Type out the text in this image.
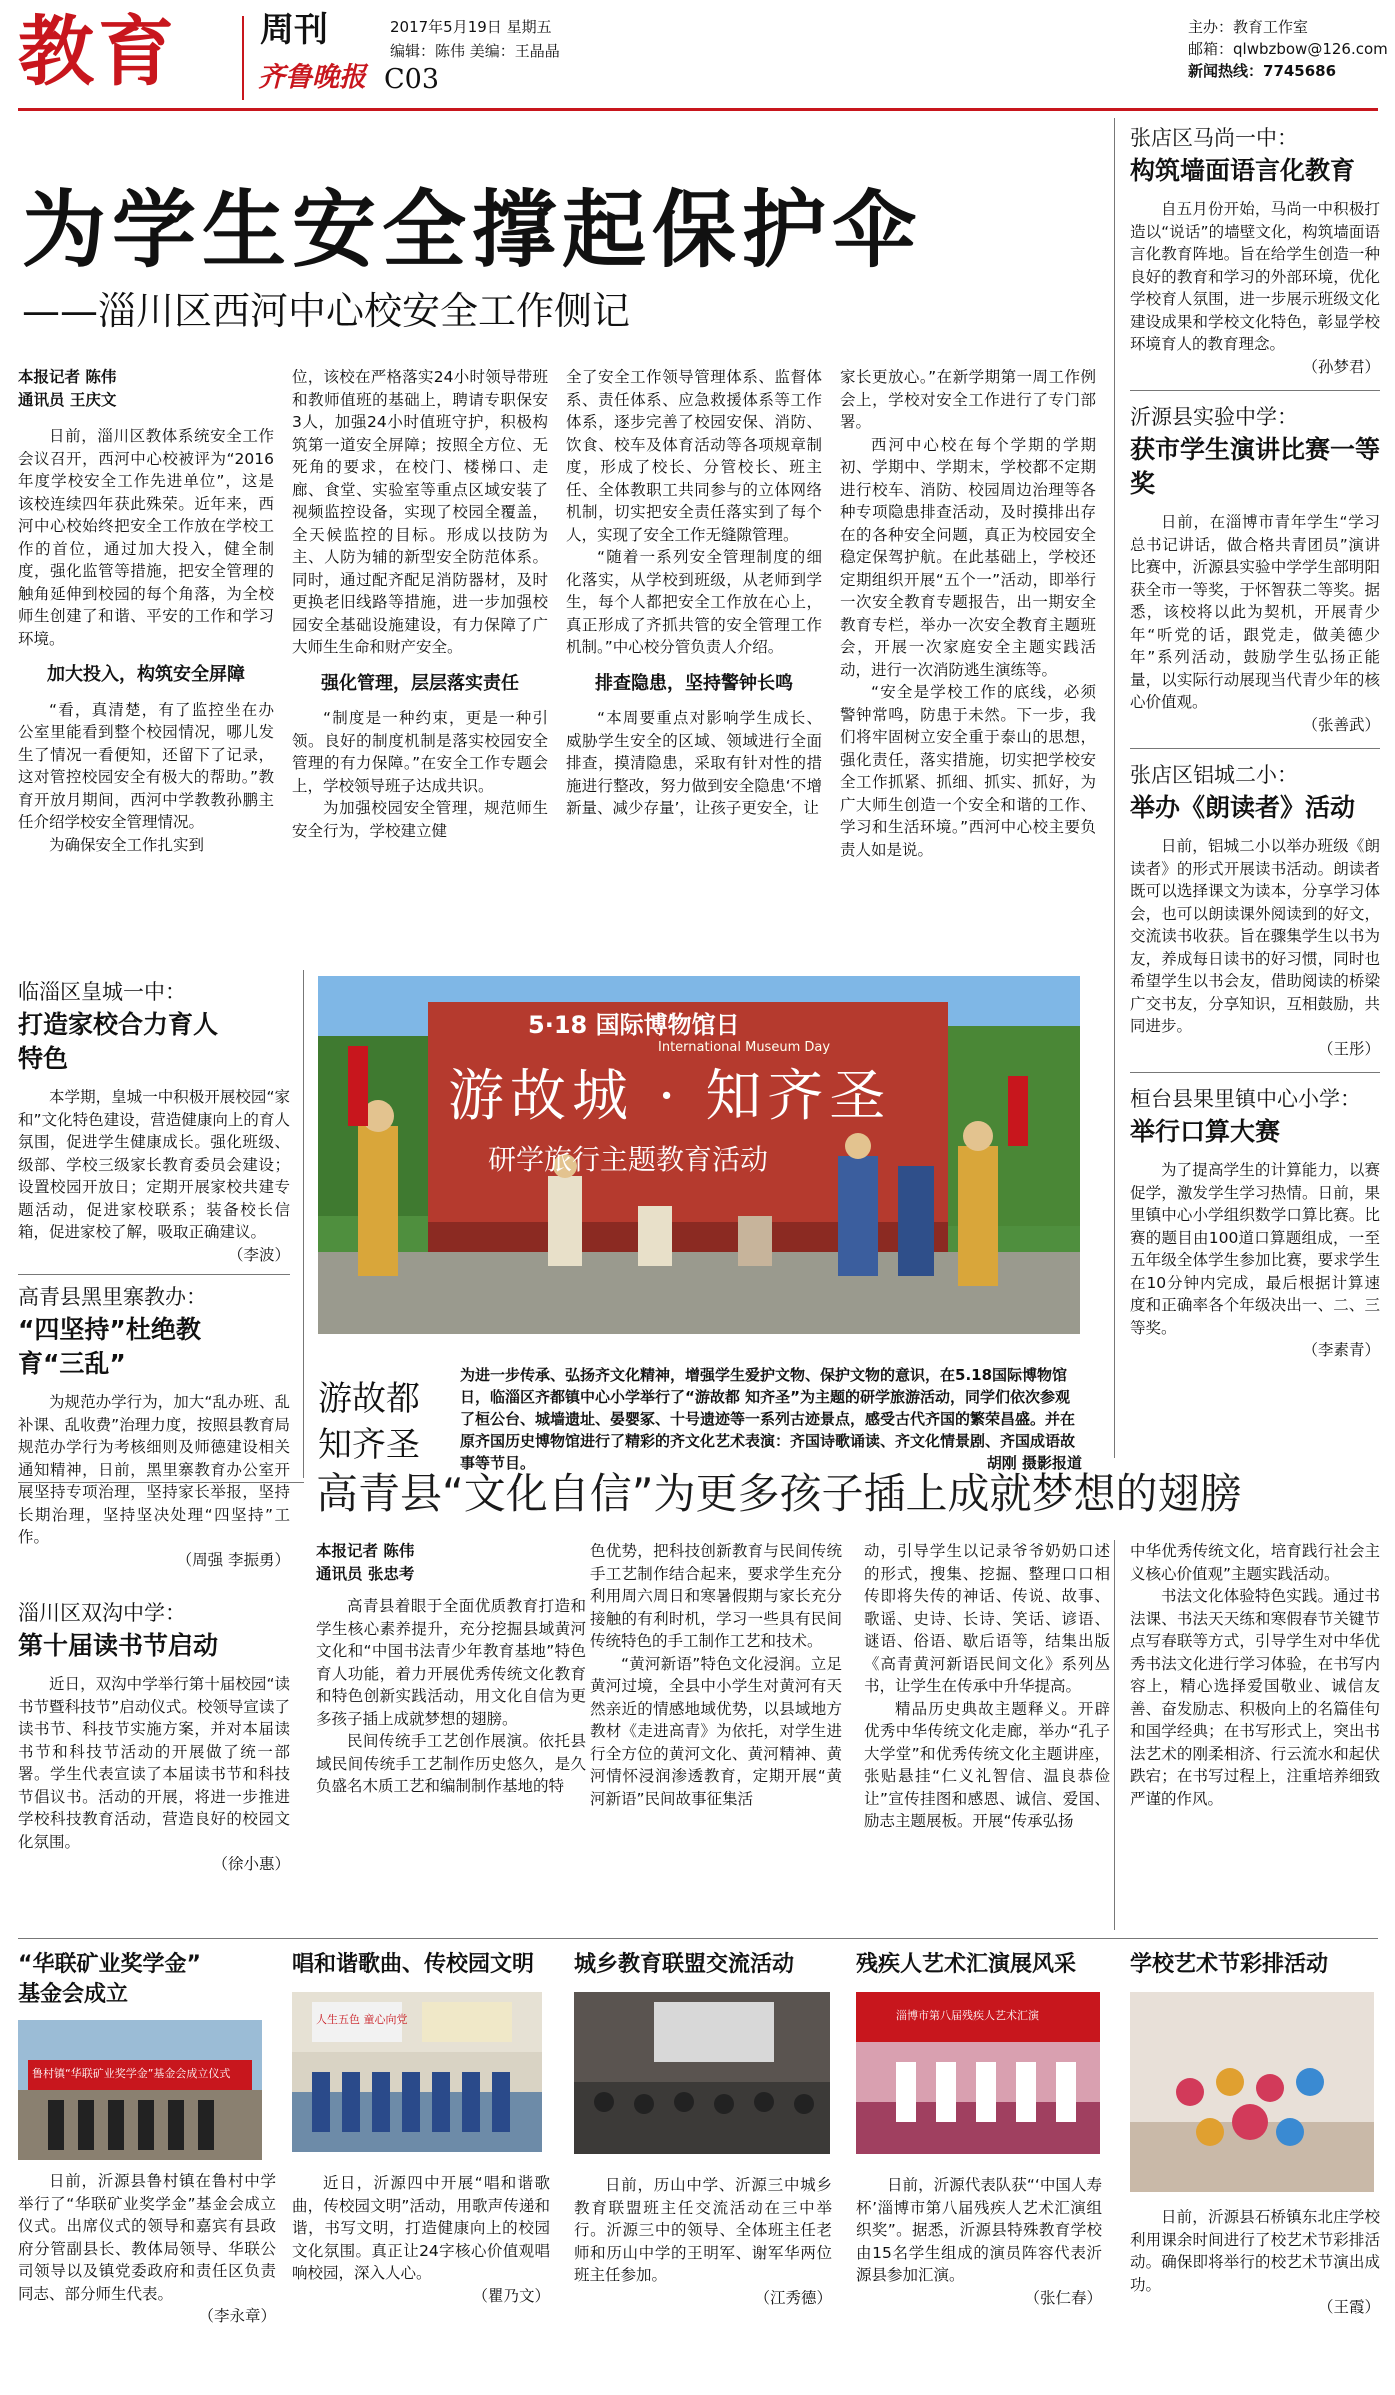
教育 周刊
齐鲁晚报 C03
2017年5月19日 星期五
编辑：陈伟 美编：王晶晶
主办：教育工作室
邮箱：qlwbzbow@126.com
新闻热线：7745686
为学生安全撑起保护伞
——淄川区西河中心校安全工作侧记
本报记者 陈伟
通讯员 王庆文

日前，淄川区教体系统安全工作会议召开，西河中心校被评为“2016年度学校安全工作先进单位”，这是该校连续四年获此殊荣。近年来，西河中心校始终把安全工作放在学校工作的首位，通过加大投入，健全制度，强化监管等措施，把安全管理的触角延伸到校园的每个角落，为全校师生创建了和谐、平安的工作和学习环境。

加大投入，构筑安全屏障

“看，真清楚，有了监控坐在办公室里能看到整个校园情况，哪儿发生了情况一看便知，还留下了记录，这对管控校园安全有极大的帮助。”教育开放月期间，西河中学教教孙鹏主任介绍学校安全管理情况。

为确保安全工作扎实到

位，该校在严格落实24小时领导带班和教师值班的基础上，聘请专职保安3人，加强24小时值班守护，积极构筑第一道安全屏障；按照全方位、无死角的要求，在校门、楼梯口、走廊、食堂、实验室等重点区域安装了视频监控设备，实现了校园全覆盖，全天候监控的目标。形成以技防为主、人防为辅的新型安全防范体系。同时，通过配齐配足消防器材，及时更换老旧线路等措施，进一步加强校园安全基础设施建设，有力保障了广大师生生命和财产安全。

强化管理，层层落实责任

“制度是一种约束，更是一种引领。良好的制度机制是落实校园安全管理的有力保障。”在安全工作专题会上，学校领导班子达成共识。

为加强校园安全管理，规范师生安全行为，学校建立健

全了安全工作领导管理体系、监督体系、责任体系、应急救援体系等工作体系，逐步完善了校园安保、消防、饮食、校车及体育活动等各项规章制度，形成了校长、分管校长、班主任、全体教职工共同参与的立体网络机制，切实把安全责任落实到了每个人，实现了安全工作无缝隙管理。

“随着一系列安全管理制度的细化落实，从学校到班级，从老师到学生，每个人都把安全工作放在心上，真正形成了齐抓共管的安全管理工作机制。”中心校分管负责人介绍。

排查隐患，坚持警钟长鸣

“本周要重点对影响学生成长、威胁学生安全的区域、领域进行全面排查，摸清隐患，采取有针对性的措施进行整改，努力做到安全隐患‘不增新量、减少存量’，让孩子更安全，让

家长更放心。”在新学期第一周工作例会上，学校对安全工作进行了专门部署。

西河中心校在每个学期的学期初、学期中、学期末，学校都不定期进行校车、消防、校园周边治理等各种专项隐患排查活动，及时摸排出存在的各种安全问题，真正为校园安全稳定保驾护航。在此基础上，学校还定期组织开展“五个一”活动，即举行一次安全教育专题报告，出一期安全教育专栏，举办一次安全教育主题班会，开展一次家庭安全主题实践活动，进行一次消防逃生演练等。

“安全是学校工作的底线，必须警钟常鸣，防患于未然。下一步，我们将牢固树立安全重于泰山的思想，强化责任，落实措施，切实把学校安全工作抓紧、抓细、抓实、抓好，为广大师生创造一个安全和谐的工作、学习和生活环境。”西河中心校主要负责人如是说。

张店区马尚一中：
构筑墙面语言化教育

自五月份开始，马尚一中积极打造以“说话”的墙壁文化，构筑墙面语言化教育阵地。旨在给学生创造一种良好的教育和学习的外部环境，优化学校育人氛围，进一步展示班级文化建设成果和学校文化特色，彰显学校环境育人的教育理念。

（孙梦君）
沂源县实验中学：
获市学生演讲比赛一等奖

日前，在淄博市青年学生“学习总书记讲话，做合格共青团员”演讲比赛中，沂源县实验中学学生部明阳获全市一等奖，于怀智获二等奖。据悉，该校将以此为契机，开展青少年“听党的话，跟党走，做美德少年”系列活动，鼓励学生弘扬正能量，以实际行动展现当代青少年的核心价值观。

（张善武）
张店区铝城二小：
举办《朗读者》活动

日前，铝城二小以举办班级《朗读者》的形式开展读书活动。朗读者既可以选择课文为读本，分享学习体会，也可以朗读课外阅读到的好文，交流读书收获。旨在骤集学生以书为友，养成每日读书的好习惯，同时也希望学生以书会友，借助阅读的桥梁广交书友，分享知识，互相鼓励，共同进步。

（王彤）
桓台县果里镇中心小学：
举行口算大赛

为了提高学生的计算能力，以赛促学，激发学生学习热情。日前，果里镇中心小学组织数学口算比赛。比赛的题目由100道口算题组成，一至五年级全体学生参加比赛，要求学生在10分钟内完成，最后根据计算速度和正确率各个年级决出一、二、三等奖。

（李素青）
临淄区皇城一中：
打造家校合力育人特色

本学期，皇城一中积极开展校园“家和”文化特色建设，营造健康向上的育人氛围，促进学生健康成长。强化班级、级部、学校三级家长教育委员会建设；设置校园开放日；定期开展家校共建专题活动，促进家校联系；装备校长信箱，促进家校了解，吸取正确建议。

（李波）
高青县黑里寨教办：
“四坚持”杜绝教育“三乱”

为规范办学行为，加大“乱办班、乱补课、乱收费”治理力度，按照县教育局规范办学行为考核细则及师德建设相关通知精神，日前，黑里寨教育办公室开展坚持专项治理，坚持家长举报，坚持长期治理，坚持坚决处理“四坚持”工作。

（周强 李振勇）
淄川区双沟中学：
第十届读书节启动

近日，双沟中学举行第十届校园“读书节暨科技节”启动仪式。校领导宣读了读书节、科技节实施方案，并对本届读书节和科技节活动的开展做了统一部署。学生代表宣读了本届读书节和科技节倡议书。活动的开展，将进一步推进学校科技教育活动，营造良好的校园文化氛围。

（徐小惠）
5·18 国际博物馆日
International Museum Day
游故城 · 知齐圣
研学旅行主题教育活动
游故都知齐圣
为进一步传承、弘扬齐文化精神，增强学生爱护文物、保护文物的意识，在5.18国际博物馆日，临淄区齐都镇中心小学举行了“游故都 知齐圣”为主题的研学旅游活动，同学们依次参观了桓公台、城墙遗址、晏婴冢、十号遗迹等一系列古迹景点，感受古代齐国的繁荣昌盛。并在原齐国历史博物馆进行了精彩的齐文化艺术表演：齐国诗歌诵读、齐文化情景剧、齐国成语故事等节目。	胡刚 摄影报道
高青县“文化自信”为更多孩子插上成就梦想的翅膀
本报记者 陈伟
通讯员 张忠考

高青县着眼于全面优质教育打造和学生核心素养提升，充分挖掘县域黄河文化和“中国书法青少年教育基地”特色育人功能，着力开展优秀传统文化教育和特色创新实践活动，用文化自信为更多孩子插上成就梦想的翅膀。

民间传统手工艺创作展演。依托县域民间传统手工艺制作历史悠久，是久负盛名木质工艺和编制制作基地的特

色优势，把科技创新教育与民间传统手工艺制作结合起来，要求学生充分利用周六周日和寒暑假期与家长充分接触的有利时机，学习一些具有民间传统特色的手工制作工艺和技术。

“黄河新语”特色文化浸润。立足黄河过境，全县中小学生对黄河有天然亲近的情感地域优势，以县域地方教材《走进高青》为依托，对学生进行全方位的黄河文化、黄河精神、黄河情怀浸润渗透教育，定期开展“黄河新语”民间故事征集活

动，引导学生以记录爷爷奶奶口述的形式，搜集、挖掘、整理口口相传即将失传的神话、传说、故事、歌谣、史诗、长诗、笑话、谚语、谜语、俗语、歇后语等，结集出版《高青黄河新语民间文化》系列丛书，让学生在传承中升华提高。

精品历史典故主题释义。开辟优秀中华传统文化走廊，举办“孔子大学堂”和优秀传统文化主题讲座，张贴悬挂“仁义礼智信、温良恭俭让”宣传挂图和感恩、诚信、爱国、励志主题展板。开展“传承弘扬

中华优秀传统文化，培育践行社会主义核心价值观”主题实践活动。

书法文化体验特色实践。通过书法课、书法天天练和寒假春节关键节点写春联等方式，引导学生对中华优秀书法文化进行学习体验，在书写内容上，精心选择爱国敬业、诚信友善、奋发励志、积极向上的名篇佳句和国学经典；在书写形式上，突出书法艺术的刚柔相济、行云流水和起伏跌宕；在书写过程上，注重培养细致严谨的作风。

“华联矿业奖学金”
基金会成立
鲁村镇“华联矿业奖学金”基金会成立仪式

日前，沂源县鲁村镇在鲁村中学举行了“华联矿业奖学金”基金会成立仪式。出席仪式的领导和嘉宾有县政府分管副县长、教体局领导、华联公司领导以及镇党委政府和责任区负责同志、部分师生代表。

（李永章）
唱和谐歌曲、传校园文明
人生五色 童心向党

近日，沂源四中开展“唱和谐歌曲，传校园文明”活动，用歌声传递和谐，书写文明，打造健康向上的校园文化氛围。真正让24字核心价值观唱响校园，深入人心。

（瞿乃文）
城乡教育联盟交流活动

日前，历山中学、沂源三中城乡教育联盟班主任交流活动在三中举行。沂源三中的领导、全体班主任老师和历山中学的王明军、谢军华两位班主任参加。

（江秀德）
残疾人艺术汇演展风采
淄博市第八届残疾人艺术汇演

日前，沂源代表队获“‘中国人寿杯’淄博市第八届残疾人艺术汇演组织奖”。据悉，沂源县特殊教育学校由15名学生组成的演员阵容代表沂源县参加汇演。

（张仁春）
学校艺术节彩排活动

日前，沂源县石桥镇东北庄学校利用课余时间进行了校艺术节彩排活动。确保即将举行的校艺术节演出成功。

（王霞）
